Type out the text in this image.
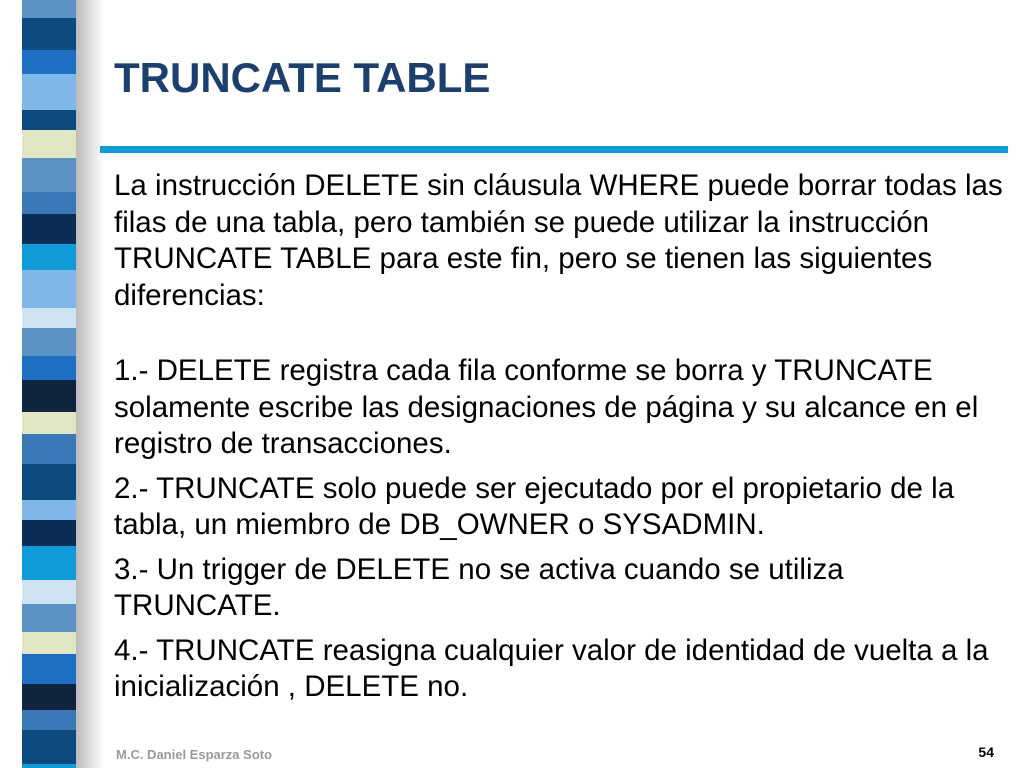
TRUNCATE TABLE

La instrucción DELETE sin cláusula WHERE puede borrar todas las filas de una tabla, pero también se puede utilizar la instrucción TRUNCATE TABLE para este fin, pero se tienen las siguientes diferencias:

1.- DELETE registra cada fila conforme se borra y TRUNCATE solamente escribe las designaciones de página y su alcance en el registro de transacciones.

2.- TRUNCATE solo puede ser ejecutado por el propietario de la tabla, un miembro de DB_OWNER o SYSADMIN.

3.- Un trigger de DELETE no se activa cuando se utiliza TRUNCATE.

4.- TRUNCATE reasigna cualquier valor de identidad de vuelta a la inicialización , DELETE no.

M.C. Daniel Esparza Soto	54
